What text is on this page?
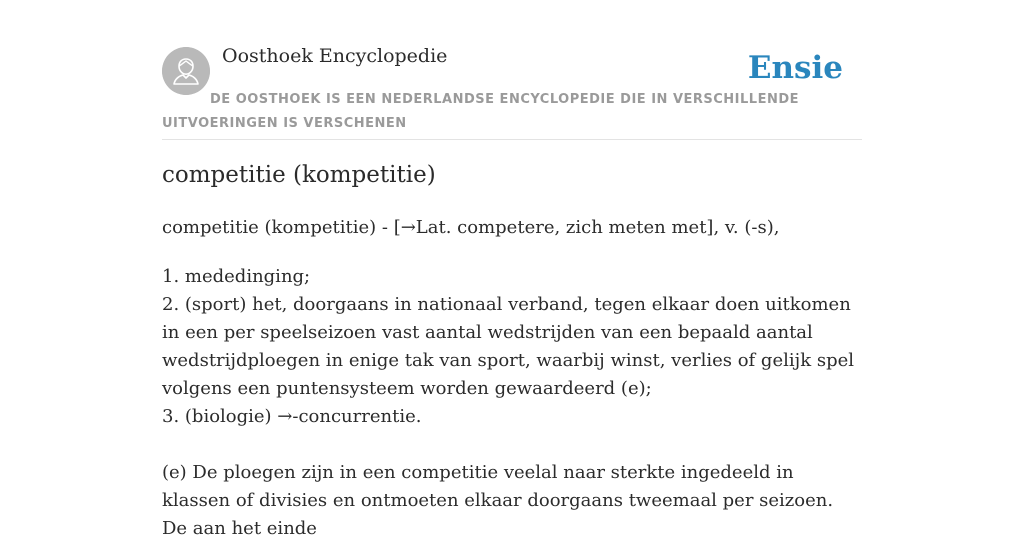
Oosthoek Encyclopedie	Ensie
DE OOSTHOEK IS EEN NEDERLANDSE ENCYCLOPEDIE DIE IN VERSCHILLENDE UITVOERINGEN IS VERSCHENEN
competitie (kompetitie)
competitie (kompetitie) - [→Lat. competere, zich meten met], v. (-s),
1. mededinging;
2. (sport) het, doorgaans in nationaal verband, tegen elkaar doen uitkomen in een per speelseizoen vast aantal wedstrijden van een bepaald aantal wedstrijdploegen in enige tak van sport, waarbij winst, verlies of gelijk spel volgens een puntensysteem worden gewaardeerd (e);
3. (biologie) →-concurrentie.
(e) De ploegen zijn in een competitie veelal naar sterkte ingedeeld in klassen of divisies en ontmoeten elkaar doorgaans tweemaal per seizoen. De aan het einde
